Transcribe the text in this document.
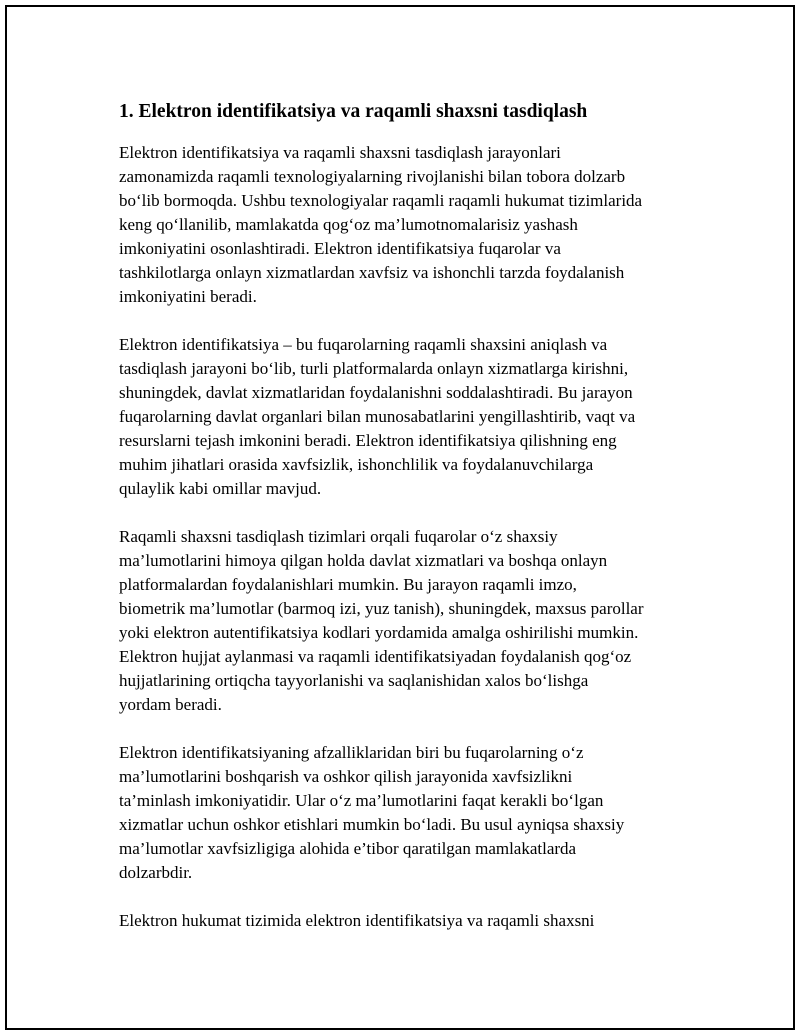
1. Elektron identifikatsiya va raqamli shaxsni tasdiqlash

Elektron identifikatsiya va raqamli shaxsni tasdiqlash jarayonlari
zamonamizda raqamli texnologiyalarning rivojlanishi bilan tobora dolzarb
bo‘lib bormoqda. Ushbu texnologiyalar raqamli raqamli hukumat tizimlarida
keng qo‘llanilib, mamlakatda qog‘oz ma’lumotnomalarisiz yashash
imkoniyatini osonlashtiradi. Elektron identifikatsiya fuqarolar va
tashkilotlarga onlayn xizmatlardan xavfsiz va ishonchli tarzda foydalanish
imkoniyatini beradi.

Elektron identifikatsiya – bu fuqarolarning raqamli shaxsini aniqlash va
tasdiqlash jarayoni bo‘lib, turli platformalarda onlayn xizmatlarga kirishni,
shuningdek, davlat xizmatlaridan foydalanishni soddalashtiradi. Bu jarayon
fuqarolarning davlat organlari bilan munosabatlarini yengillashtirib, vaqt va
resurslarni tejash imkonini beradi. Elektron identifikatsiya qilishning eng
muhim jihatlari orasida xavfsizlik, ishonchlilik va foydalanuvchilarga
qulaylik kabi omillar mavjud.

Raqamli shaxsni tasdiqlash tizimlari orqali fuqarolar o‘z shaxsiy
ma’lumotlarini himoya qilgan holda davlat xizmatlari va boshqa onlayn
platformalardan foydalanishlari mumkin. Bu jarayon raqamli imzo,
biometrik ma’lumotlar (barmoq izi, yuz tanish), shuningdek, maxsus parollar
yoki elektron autentifikatsiya kodlari yordamida amalga oshirilishi mumkin.
Elektron hujjat aylanmasi va raqamli identifikatsiyadan foydalanish qog‘oz
hujjatlarining ortiqcha tayyorlanishi va saqlanishidan xalos bo‘lishga
yordam beradi.

Elektron identifikatsiyaning afzalliklaridan biri bu fuqarolarning o‘z
ma’lumotlarini boshqarish va oshkor qilish jarayonida xavfsizlikni
ta’minlash imkoniyatidir. Ular o‘z ma’lumotlarini faqat kerakli bo‘lgan
xizmatlar uchun oshkor etishlari mumkin bo‘ladi. Bu usul ayniqsa shaxsiy
ma’lumotlar xavfsizligiga alohida e’tibor qaratilgan mamlakatlarda
dolzarbdir.

Elektron hukumat tizimida elektron identifikatsiya va raqamli shaxsni
